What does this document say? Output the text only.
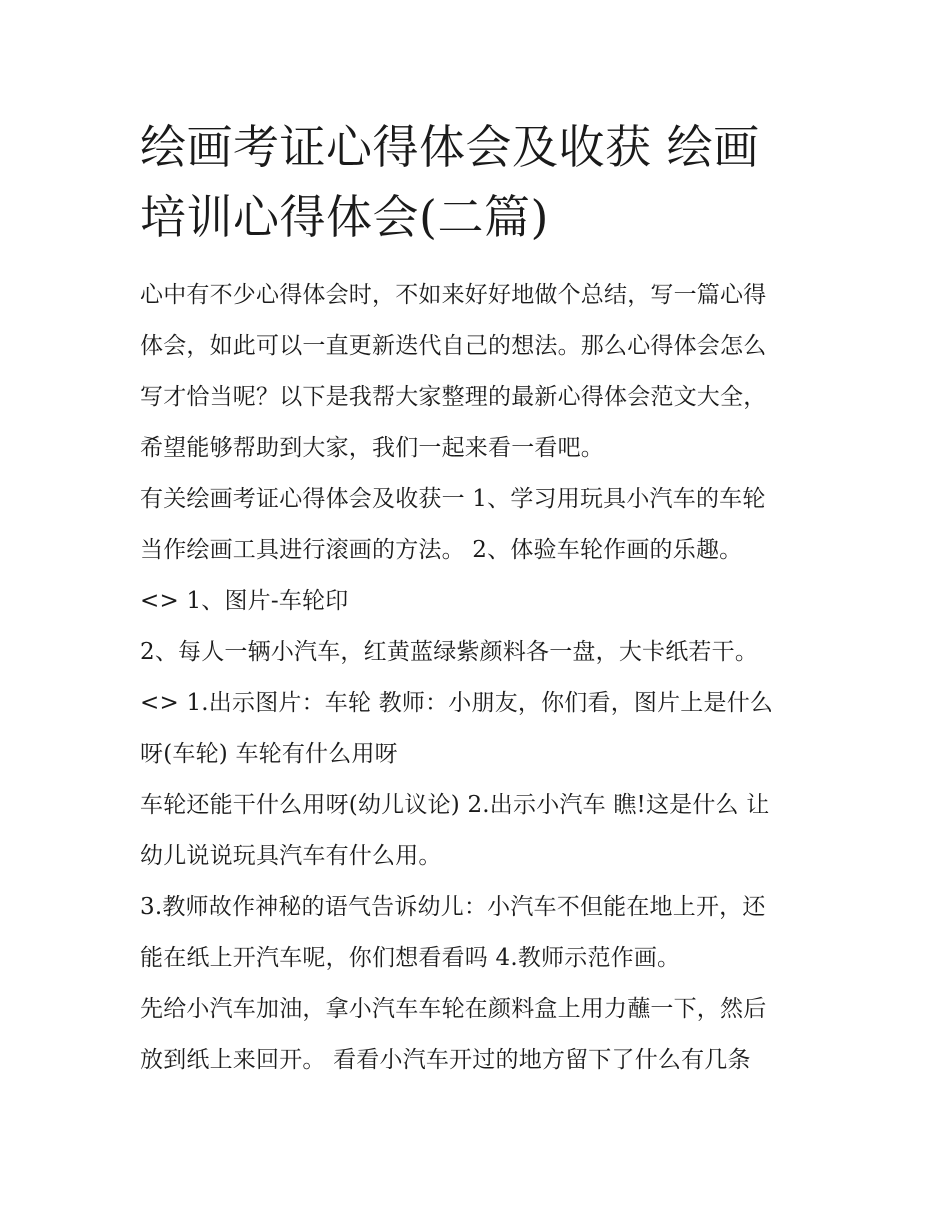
绘画考证心得体会及收获 绘画
培训心得体会(二篇)

心中有不少心得体会时，不如来好好地做个总结，写一篇心得

体会，如此可以一直更新迭代自己的想法。那么心得体会怎么

写才恰当呢？以下是我帮大家整理的最新心得体会范文大全，

希望能够帮助到大家，我们一起来看一看吧。

有关绘画考证心得体会及收获一 1、学习用玩具小汽车的车轮

当作绘画工具进行滚画的方法。 2、体验车轮作画的乐趣。

<> 1、图片-车轮印

2、每人一辆小汽车，红黄蓝绿紫颜料各一盘，大卡纸若干。

<> 1.出示图片：车轮 教师：小朋友，你们看，图片上是什么

呀(车轮) 车轮有什么用呀

车轮还能干什么用呀(幼儿议论) 2.出示小汽车 瞧!这是什么 让

幼儿说说玩具汽车有什么用。

3.教师故作神秘的语气告诉幼儿：小汽车不但能在地上开，还

能在纸上开汽车呢，你们想看看吗 4.教师示范作画。

先给小汽车加油，拿小汽车车轮在颜料盒上用力蘸一下，然后

放到纸上来回开。 看看小汽车开过的地方留下了什么有几条
